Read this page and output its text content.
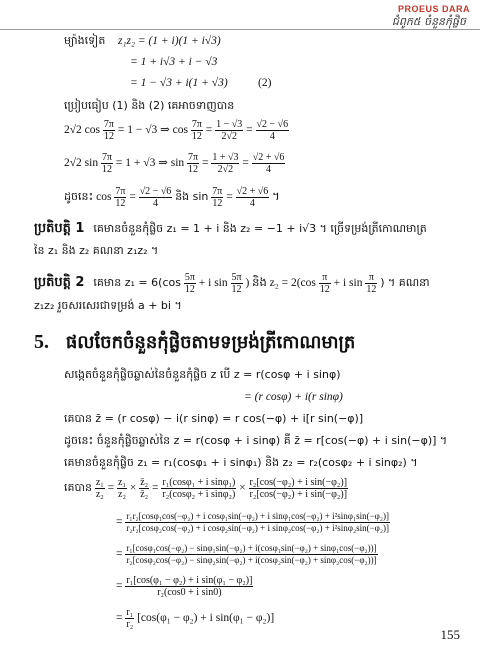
PROEUS DARA
ជំពូក៥ ចំនួនកុំផ្លិច
ម្យ៉ាងទៀត z₁z₂ = (1 + i)(1 + i√3)
= 1 + i√3 + i − √3
= 1 − √3 + i(1 + √3)	(2)
ប្រៀបធៀប (1) និង (2) គេអាចទាញបាន
2√2 $\cos \frac{7\pi}{12} = 1 - √3$ ⇒ $\cos \frac{7\pi}{12} = \frac{1 - √3}{2√2} = \frac{√2 - √6}{4}$
2√2 $\sin \frac{7\pi}{12} = 1 + √3$ ⇒ $\sin \frac{7\pi}{12} = \frac{1 + √3}{2√2} = \frac{√2 + √6}{4}$
ដូចនេះ $\cos \frac{7\pi}{12} = \frac{√2 - √6}{4}$ និង $\sin \frac{7\pi}{12} = \frac{√2 + √6}{4}$ ។
ប្រតិបត្តិ 1 គេមានចំនួនកុំផ្លិច z₁ = 1 + i និង z₂ = −1 + i√3 ។ ច្រើទម្រង់ត្រីកោណមាត្រ
នៃ z₁ និង z₂ គណនា z₁z₂ ។
ប្រតិបត្តិ 2 គេមាន $z_1 = 6(\cos \frac{5\pi}{12} + i$ $\sin \frac{5\pi}{12}$ ) និង $z_2 = 2(\cos \frac{\pi}{12} + i$ $\sin \frac{\pi}{12}$ ) ។ គណនា
z₁z₂ រួចសរសេរជាទម្រង់ a + bi ។
5. ផលចែកចំនួនកុំផ្លិចតាមទម្រង់ត្រីកោណមាត្រ
សង្កេតចំនួនកុំផ្លិចឆ្លាស់នៃចំនួនកុំផ្លិច z បើ z = r(cosφ + i sinφ)
= (r cosφ) + i(r sinφ)
គេបាន z̄ = (r cosφ) − i(r sinφ) = r cos(−φ) + i[r sin(−φ)]
ដូចនេះ ចំនួនកុំផ្លិចឆ្លាស់នៃ z = r(cosφ + i sinφ) គឺ z̄ = r[cos(−φ) + i sin(−φ)] ។
គេមានចំនួនកុំផ្លិច z₁ = r₁(cosφ₁ + i sinφ₁) និង z₂ = r₂(cosφ₂ + i sinφ₂) ។
គេបាន $\frac{\text{z₁}}{\text{z₂}} = \frac{\text{z₁}}{\text{z₂}} \times \frac{\text{z̄₂}}{\text{z̄₂}} = \frac{\text{r₁(cosφ₁ + i sinφ₁)}}{\text{r₂(cosφ₂ + i sinφ₂)}} \times \frac{\text{r₂[cos(−φ₂) + i sin(−φ₂)]}}{\text{r₂[cos(−φ₂) + i sin(−φ₂)]}}$
=
r₁r₂[cosφ₁cos(−φ₂) + i cosφ₁sin(−φ₂) + i sinφ₁cos(−φ₂) + i²sinφ₁sin(−φ₂)]
r₂r₂[cosφ₂cos(−φ₂) + i cosφ₂sin(−φ₂) + i sinφ₂cos(−φ₂) + i²sinφ₂sin(−φ₂)]
=
r₁[cosφ₁cos(−φ₂) − sinφ₁sin(−φ₂) + i(cosφ₁sin(−φ₂) + sinφ₁cos(−φ₂))]
r₂[cosφ₂cos(−φ₂) − sinφ₂sin(−φ₂) + i(cosφ₂sin(−φ₂) + sinφ₂cos(−φ₂))]
= $\frac{\text{r₁[cos(φ₁ − φ₂) + i sin(φ₁ − φ₂)]}}{\text{r₂(cos0 + i sin0)}}$
= $\frac{\text{r₁}}{\text{r₂}} [\cos(\varphi_1 - \varphi_2) + i$ sin(φ₁ − φ₂)]
155
